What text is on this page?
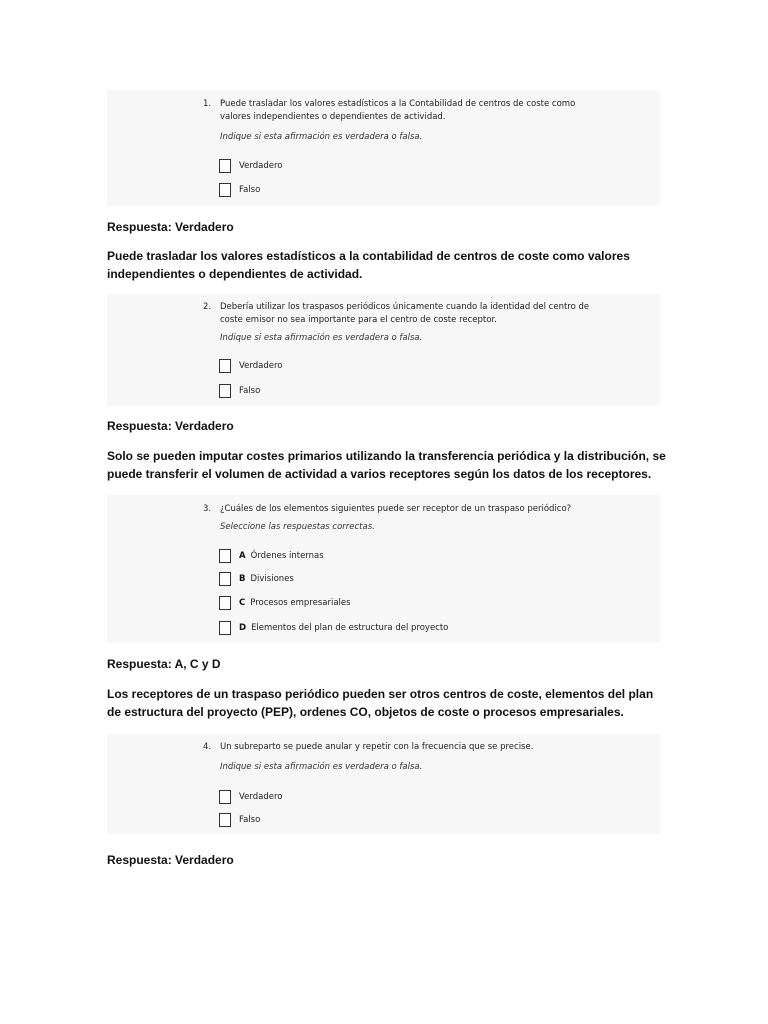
1.	Puede trasladar los valores estadísticos a la Contabilidad de centros de coste como
valores independientes o dependientes de actividad.
Indique si esta afirmación es verdadera o falsa.
Verdadero
Falso
Respuesta: Verdadero
Puede trasladar los valores estadísticos a la contabilidad de centros de coste como valores independientes o dependientes de actividad.
2.	Debería utilizar los traspasos periódicos únicamente cuando la identidad del centro de
coste emisor no sea importante para el centro de coste receptor.
Indique si esta afirmación es verdadera o falsa.
Verdadero
Falso
Respuesta: Verdadero
Solo se pueden imputar costes primarios utilizando la transferencia periódica y la distribución, se puede transferir el volumen de actividad a varios receptores según los datos de los receptores.
3.	¿Cuáles de los elementos siguientes puede ser receptor de un traspaso periódico?
Seleccione las respuestas correctas.
A Órdenes internas
B Divisiones
C Procesos empresariales
D Elementos del plan de estructura del proyecto
Respuesta: A, C y D
Los receptores de un traspaso periódico pueden ser otros centros de coste, elementos del plan de estructura del proyecto (PEP), ordenes CO, objetos de coste o procesos empresariales.
4.	Un subreparto se puede anular y repetir con la frecuencia que se precise.
Indique si esta afirmación es verdadera o falsa.
Verdadero
Falso
Respuesta: Verdadero
